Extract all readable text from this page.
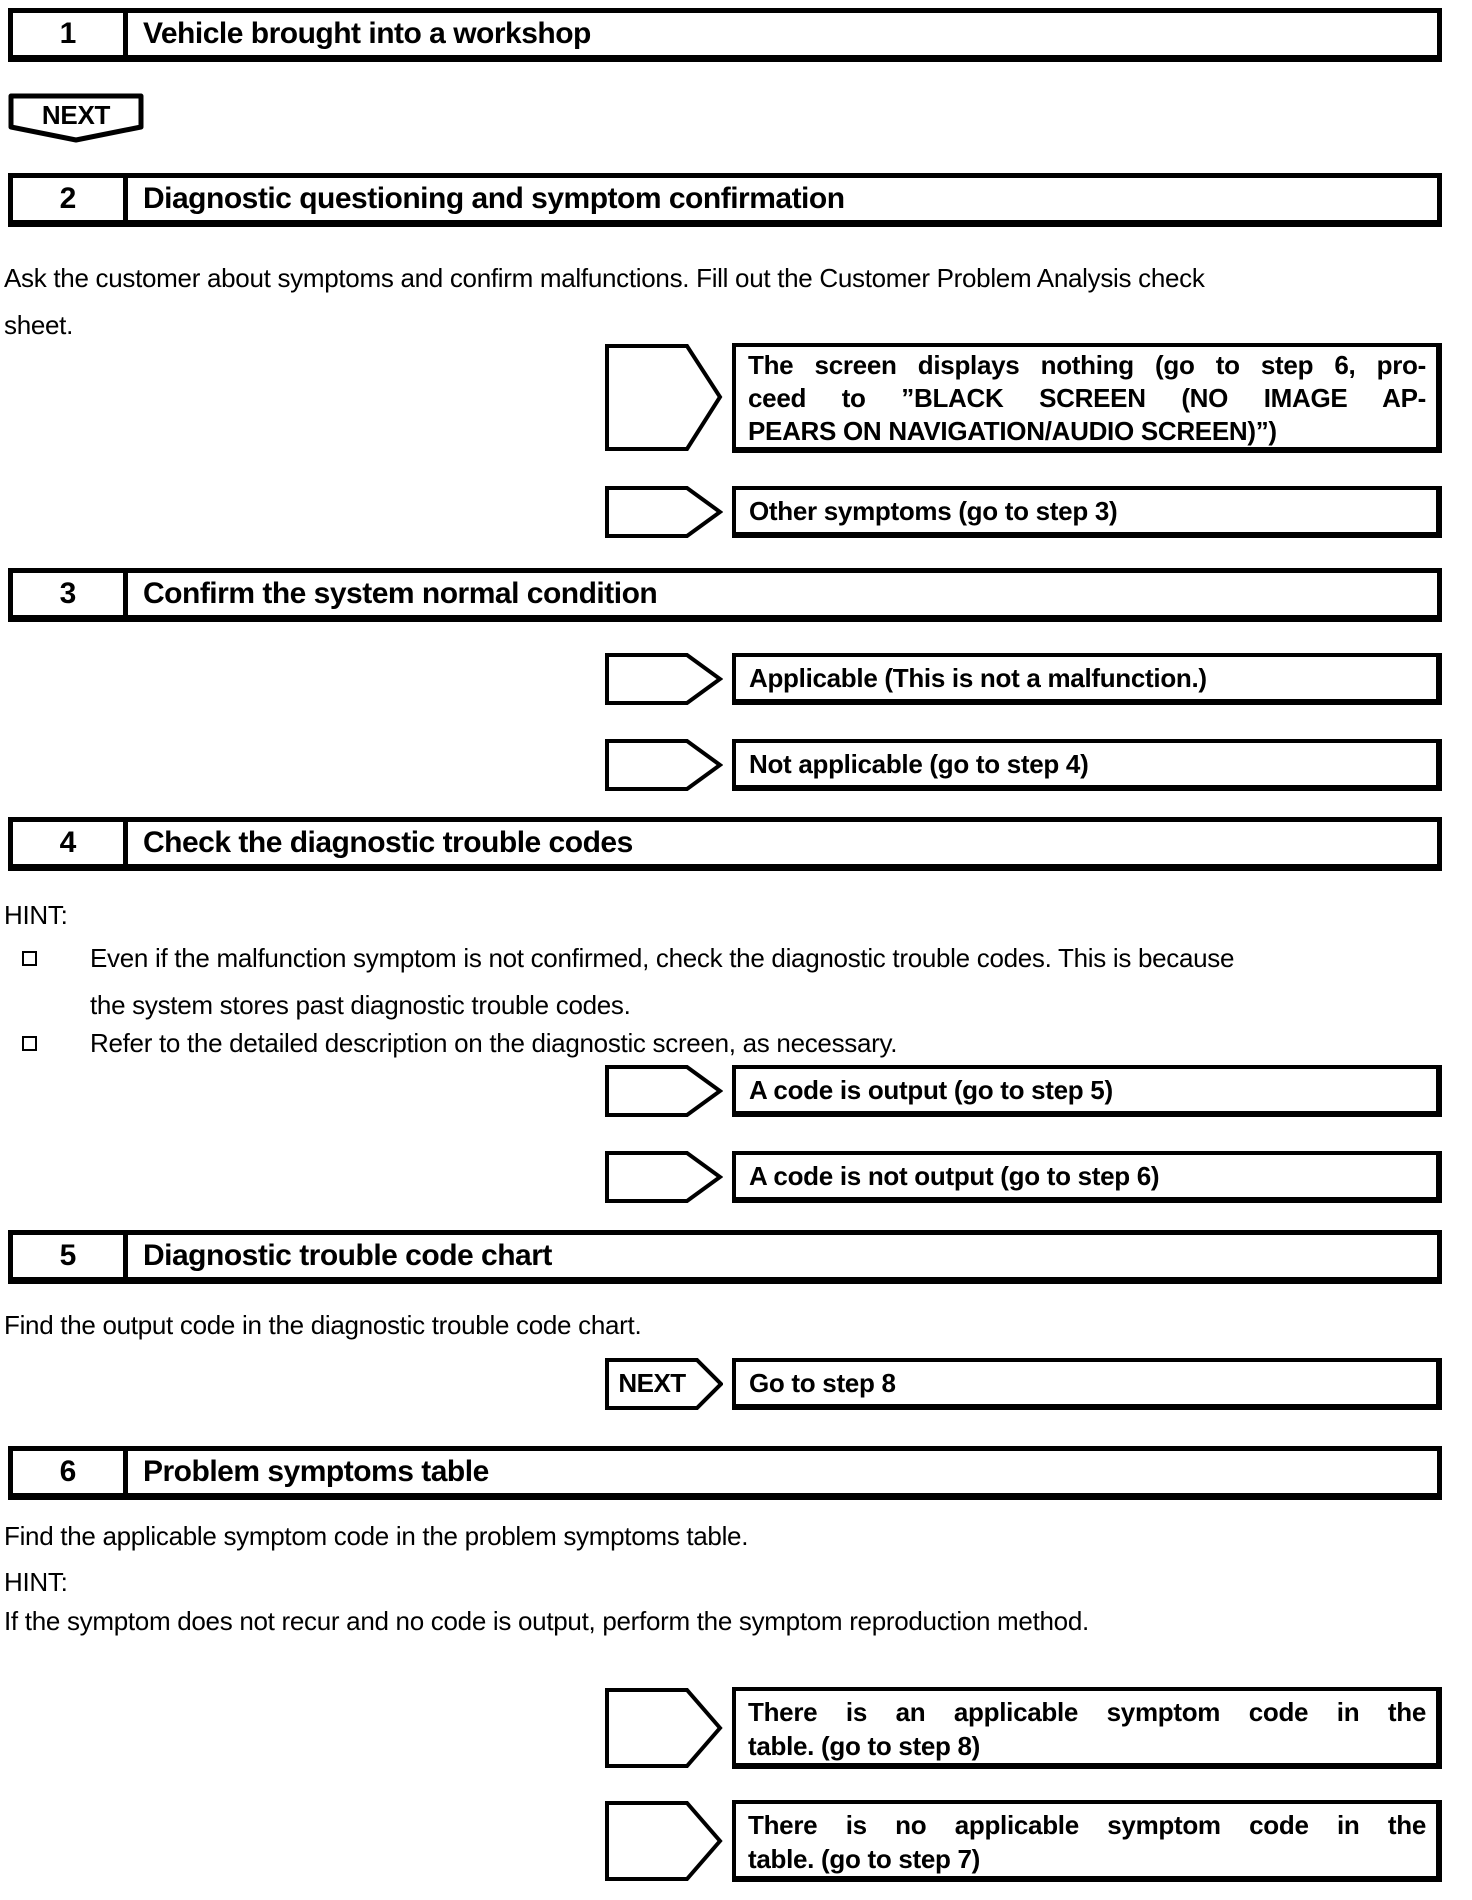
1	Vehicle brought into a workshop
NEXT
2	Diagnostic questioning and symptom confirmation
Ask the customer about symptoms and confirm malfunctions. Fill out the Customer Problem Analysis check
sheet.
The screen displays nothing (go to step 6, pro-
ceed to ”BLACK SCREEN (NO IMAGE AP-
PEARS ON NAVIGATION/AUDIO SCREEN)”)
Other symptoms (go to step 3)
3	Confirm the system normal condition
Applicable (This is not a malfunction.)
Not applicable (go to step 4)
4	Check the diagnostic trouble codes
HINT:
Even if the malfunction symptom is not confirmed, check the diagnostic trouble codes. This is because
the system stores past diagnostic trouble codes.
Refer to the detailed description on the diagnostic screen, as necessary.
A code is output (go to step 5)
A code is not output (go to step 6)
5	Diagnostic trouble code chart
Find the output code in the diagnostic trouble code chart.
NEXT	Go to step 8
6	Problem symptoms table
Find the applicable symptom code in the problem symptoms table.
HINT:
If the symptom does not recur and no code is output, perform the symptom reproduction method.
There is an applicable symptom code in the
table. (go to step 8)
There is no applicable symptom code in the
table. (go to step 7)
